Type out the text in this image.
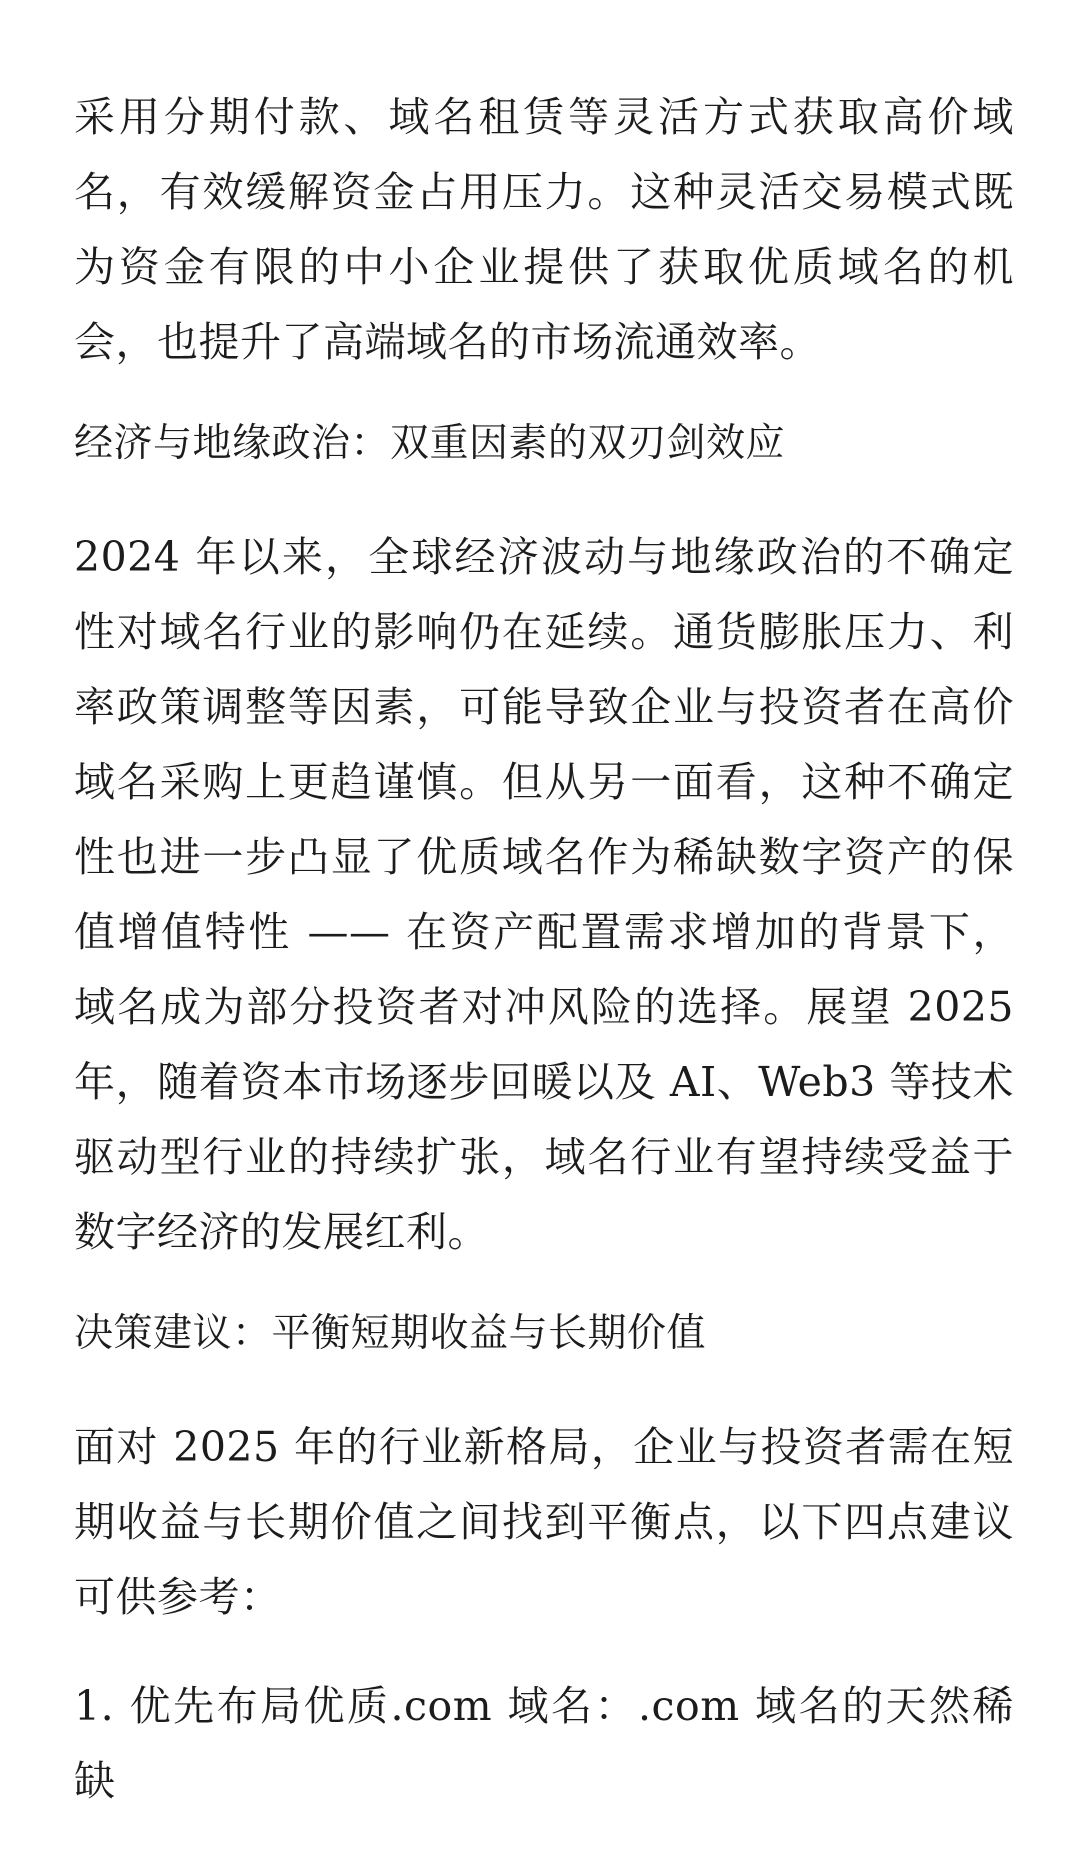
采用分期付款、域名租赁等灵活方式获取高价域名，有效缓解资金占用压力。这种灵活交易模式既为资金有限的中小企业提供了获取优质域名的机会，也提升了高端域名的市场流通效率。

经济与地缘政治：双重因素的双刃剑效应

2024 年以来，全球经济波动与地缘政治的不确定性对域名行业的影响仍在延续。通货膨胀压力、利率政策调整等因素，可能导致企业与投资者在高价域名采购上更趋谨慎。但从另一面看，这种不确定性也进一步凸显了优质域名作为稀缺数字资产的保值增值特性 —— 在资产配置需求增加的背景下，域名成为部分投资者对冲风险的选择。展望 2025 年，随着资本市场逐步回暖以及 AI、Web3 等技术驱动型行业的持续扩张，域名行业有望持续受益于数字经济的发展红利。

决策建议：平衡短期收益与长期价值

面对 2025 年的行业新格局，企业与投资者需在短期收益与长期价值之间找到平衡点，以下四点建议可供参考：

1. 优先布局优质.com 域名：.com 域名的天然稀缺
